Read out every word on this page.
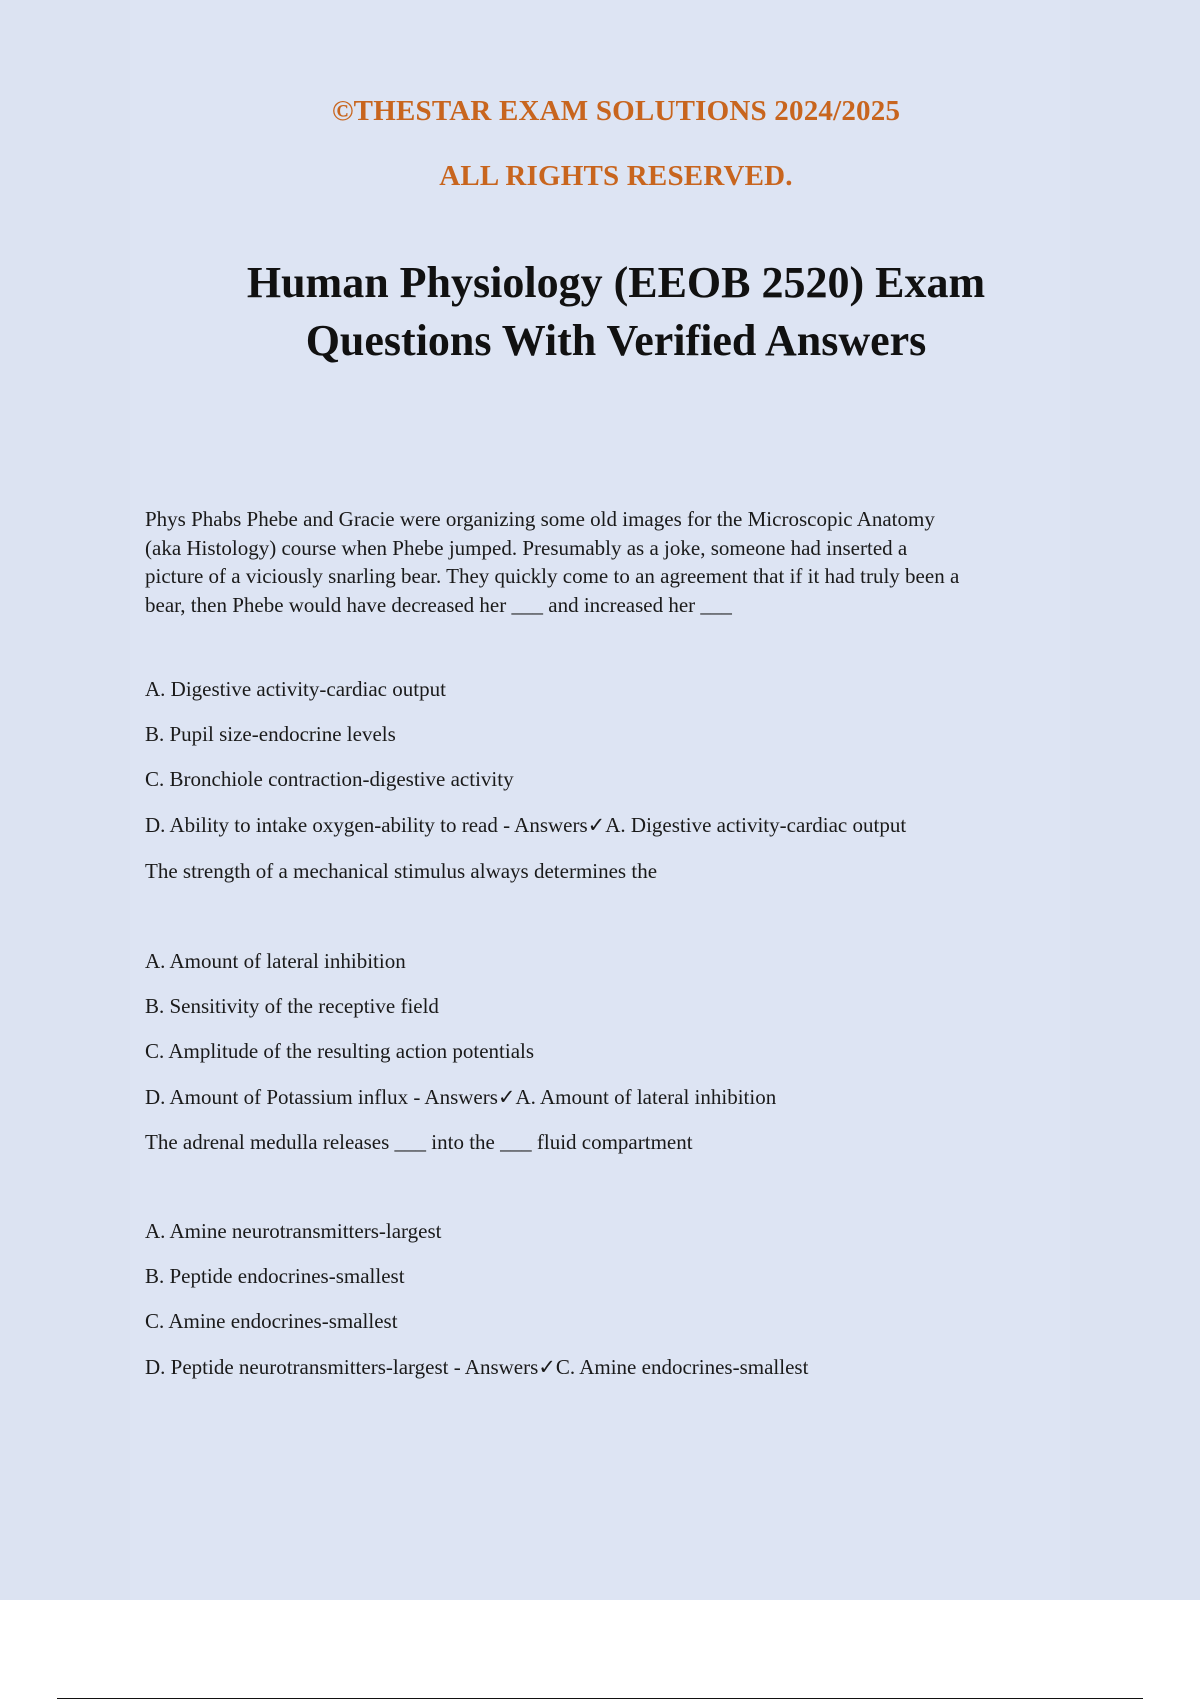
©THESTAR EXAM SOLUTIONS 2024/2025
ALL RIGHTS RESERVED.
Human Physiology (EEOB 2520) Exam
Questions With Verified Answers

Phys Phabs Phebe and Gracie were organizing some old images for the Microscopic Anatomy
(aka Histology) course when Phebe jumped. Presumably as a joke, someone had inserted a
picture of a viciously snarling bear. They quickly come to an agreement that if it had truly been a
bear, then Phebe would have decreased her ___ and increased her ___

A. Digestive activity-cardiac output

B. Pupil size-endocrine levels

C. Bronchiole contraction-digestive activity

D. Ability to intake oxygen-ability to read - Answers✓A. Digestive activity-cardiac output

The strength of a mechanical stimulus always determines the

A. Amount of lateral inhibition

B. Sensitivity of the receptive field

C. Amplitude of the resulting action potentials

D. Amount of Potassium influx - Answers✓A. Amount of lateral inhibition

The adrenal medulla releases ___ into the ___ fluid compartment

A. Amine neurotransmitters-largest

B. Peptide endocrines-smallest

C. Amine endocrines-smallest

D. Peptide neurotransmitters-largest - Answers✓C. Amine endocrines-smallest
